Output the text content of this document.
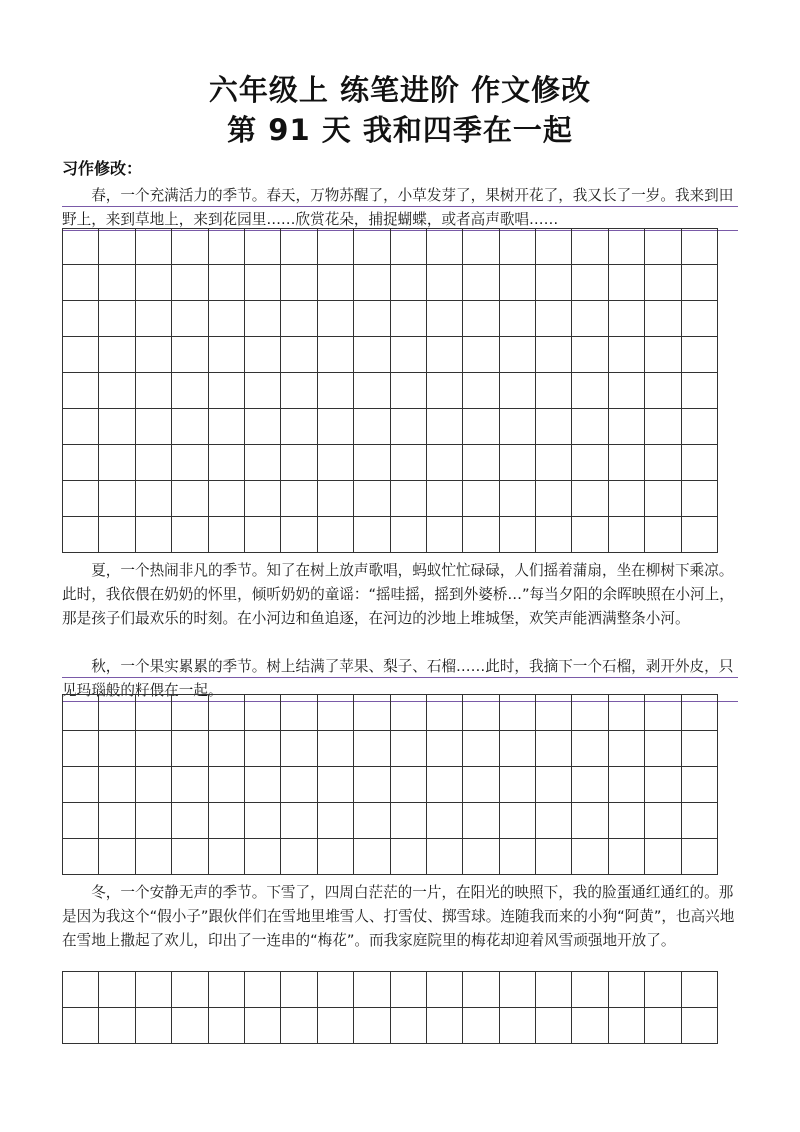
六年级上 练笔进阶 作文修改
第 91 天 我和四季在一起
习作修改：

春，一个充满活力的季节。春天，万物苏醒了，小草发芽了，果树开花了，我又长了一岁。我来到田野上，来到草地上，来到花园里……欣赏花朵，捕捉蝴蝶，或者高声歌唱……

夏，一个热闹非凡的季节。知了在树上放声歌唱，蚂蚁忙忙碌碌，人们摇着蒲扇，坐在柳树下乘凉。此时，我依偎在奶奶的怀里，倾听奶奶的童谣：“摇哇摇，摇到外婆桥…”每当夕阳的余晖映照在小河上，那是孩子们最欢乐的时刻。在小河边和鱼追逐，在河边的沙地上堆城堡，欢笑声能洒满整条小河。

秋，一个果实累累的季节。树上结满了苹果、梨子、石榴……此时，我摘下一个石榴，剥开外皮，只见玛瑙般的籽偎在一起。

冬，一个安静无声的季节。下雪了，四周白茫茫的一片，在阳光的映照下，我的脸蛋通红通红的。那是因为我这个“假小子”跟伙伴们在雪地里堆雪人、打雪仗、掷雪球。连随我而来的小狗“阿黄”，也高兴地在雪地上撒起了欢儿，印出了一连串的“梅花”。而我家庭院里的梅花却迎着风雪顽强地开放了。
